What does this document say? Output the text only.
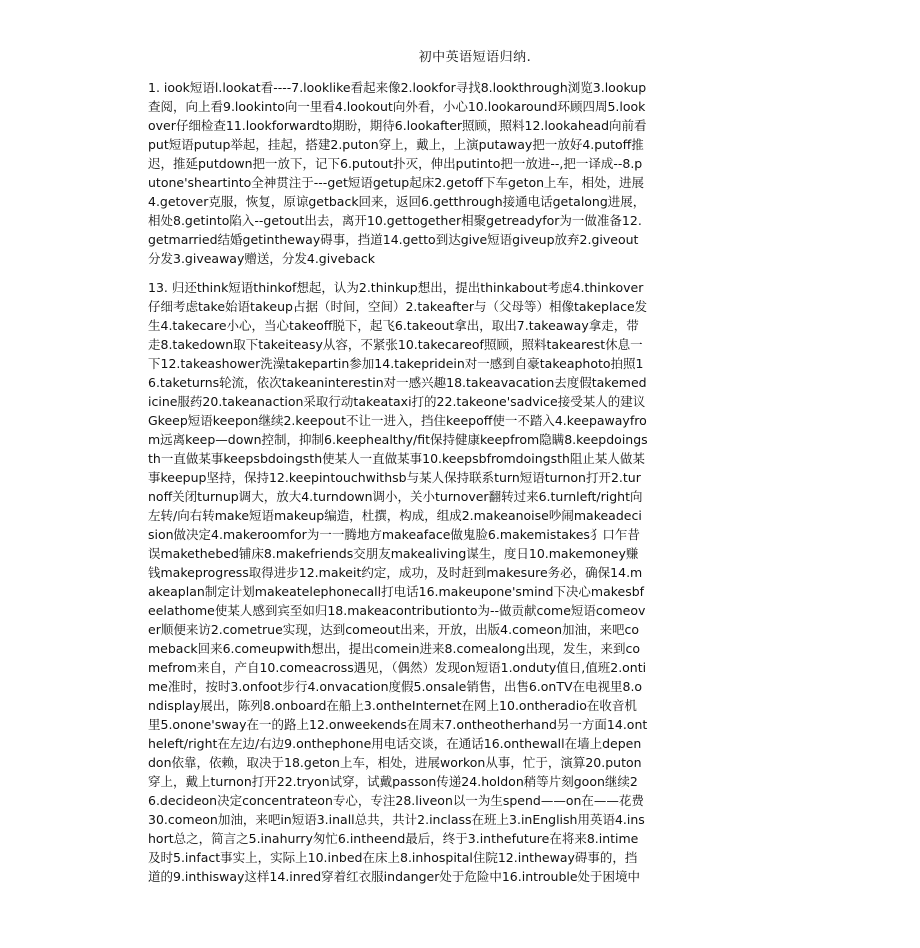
初中英语短语归纳.

1. iook短语l.lookat看----7.looklike看起来像2.lookfor寻找8.lookthrough浏览3.lookup查阅，向上看9.lookinto向一里看4.lookout向外看，小心10.lookaround环顾四周5.lookover仔细检查11.lookforwardto期盼，期待6.lookafter照顾，照料12.lookahead向前看put短语putup举起，挂起，搭建2.puton穿上，戴上，上演putaway把一放好4.putoff推迟，推延putdown把一放下，记下6.putout扑灭，伸出putinto把一放进--,把一译成--8.putone'sheartinto全神贯注于---get短语getup起床2.getoff下车geton上车，相处，进展4.getover克服，恢复，原谅getback回来，返回6.getthrough接通电话getalong进展，相处8.getinto陷入--getout出去，离开10.gettogether相聚getreadyfor为一做准备12.getmarried结婚getintheway碍事，挡道14.getto到达give短语giveup放弃2.giveout分发3.giveaway赠送，分发4.giveback

13. 归还think短语thinkof想起，认为2.thinkup想出，提出thinkabout考虑4.thinkover仔细考虑take始语takeup占据（时间，空间）2.takeafter与（父母等）相像takeplace发生4.takecare小心，当心takeoff脱下，起飞6.takeout拿出，取出7.takeaway拿走，带走8.takedown取下takeiteasy从容，不紧张10.takecareof照顾，照料takearest休息一下12.takeashower洗澡takepartin参加14.takepridein对一感到自豪takeaphoto拍照16.taketurns轮流，依次takeaninterestin对一感兴趣18.takeavacation去度假takemedicine服药20.takeanaction采取行动takeataxi打的22.takeone'sadvice接受某人的建议Gkeep短语keepon继续2.keepout不让一进入，挡住keepoff使一不踏入4.keepawayfrom远离keep—down控制，抑制6.keephealthy/fit保持健康keepfrom隐瞒8.keepdoingsth一直做某事keepsbdoingsth使某人一直做某事10.keepsbfromdoingsth阻止某人做某事keepup坚持，保持12.keepintouchwithsb与某人保持联系turn短语turnon打开2.turnoff关闭turnup调大，放大4.turndown调小，关小turnover翻转过来6.turnleft/right向左转/向右转make短语makeup编造，杜撰，构成，组成2.makeanoise吵闹makeadecision做决定4.makeroomfor为一一腾地方makeaface做鬼脸6.makemistakes犭口乍昔误makethebed铺床8.makefriends交朋友makealiving谋生，度日10.makemoney赚钱makeprogress取得进步12.makeit约定，成功，及时赶到makesure务必，确保14.makeaplan制定计划makeatelephonecall打电话16.makeupone'smind下决心makesbfeelathome使某人感到宾至如归18.makeacontributionto为--做贡献come短语comeover顺便来访2.cometrue实现，达到comeout出来，开放，出版4.comeon加油，来吧comeback回来6.comeupwith想出，提出comein进来8.comealong出现，发生，来到comefrom来自，产自10.comeacross遇见，（偶然）发现on短语1.onduty值日,值班2.ontime准时，按时3.onfoot步行4.onvacation度假5.onsale销售，出售6.onTV在电视里8.ondisplay展出，陈列8.onboard在船上3.ontheInternet在网上10.ontheradio在收音机里5.onone'sway在一的路上12.onweekends在周末7.ontheotherhand另一方面14.ontheleft/right在左边/右边9.onthephone用电话交谈，在通话16.onthewall在墙上dependon依靠，依赖，取决于18.geton上车，相处，进展workon从事，忙于，演算20.puton穿上，戴上turnon打开22.tryon试穿，试戴passon传递24.holdon稍等片刻goon继续26.decideon决定concentrateon专心，专注28.liveon以一为生spend——on在——花费30.comeon加油，来吧in短语3.inall总共，共计2.inclass在班上3.inEnglish用英语4.inshort总之，简言之5.inahurry匆忙6.intheend最后，终于3.inthefuture在将来8.intime及时5.infact事实上，实际上10.inbed在床上8.inhospital住院12.intheway碍事的，挡道的9.inthisway这样14.inred穿着红衣服indanger处于危险中16.introuble处于困境中
